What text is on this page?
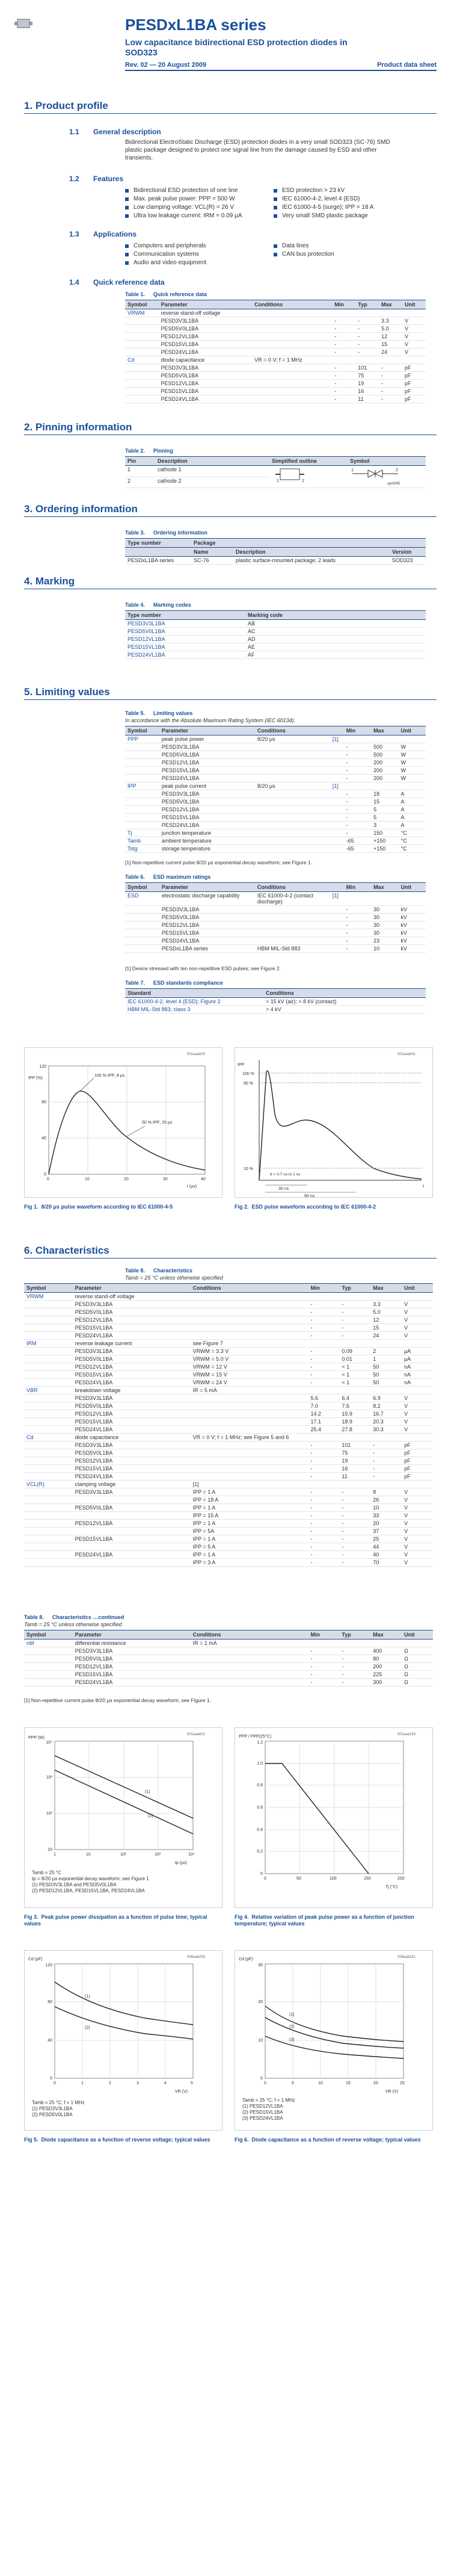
PESDxL1BA series
Low capacitance bidirectional ESD protection diodes in SOD323
Rev. 02 — 20 August 2009	Product data sheet
1. Product profile
1.1 General description
Bidirectional ElectroStatic Discharge (ESD) protection diodes in a very small SOD323 (SC-76) SMD plastic package designed to protect one signal line from the damage caused by ESD and other transients.
1.2 Features
Bidirectional ESD protection of one line
Max. peak pulse power: PPP = 500 W
Low clamping voltage: VCL(R) = 26 V
Ultra low leakage current: IRM = 0.09 μA
ESD protection > 23 kV
IEC 61000-4-2, level 4 (ESD)
IEC 61000-4-5 (surge); IPP = 18 A
Very small SMD plastic package
1.3 Applications
Computers and peripherals
Communication systems
Audio and video equipment
Data lines
CAN bus protection
1.4 Quick reference data
Table 1. Quick reference data
Symbol	Parameter	Conditions	Min	Typ	Max	Unit
VRWM	reverse stand-off voltage					
	PESD3V3L1BA		-	-	3.3	V
	PESD5V0L1BA		-	-	5.0	V
	PESD12VL1BA		-	-	12	V
	PESD15VL1BA		-	-	15	V
	PESD24VL1BA		-	-	24	V
Cd	diode capacitance	VR = 0 V; f = 1 MHz				
	PESD3V3L1BA		-	101	-	pF
	PESD5V0L1BA		-	75	-	pF
	PESD12VL1BA		-	19	-	pF
	PESD15VL1BA		-	16	-	pF
	PESD24VL1BA		-	11	-	pF
2. Pinning information
Table 2. Pinning
Pin	Description	Simplified outline	Symbol
1	cathode 1	1 2	1 2
sym045

2	cathode 2		
3. Ordering information
Table 3. Ordering information
Type number	Package		
	Name	Description	Version
PESDxL1BA series	SC-76	plastic surface-mounted package; 2 leads	SOD323
4. Marking
Table 4. Marking codes
Type number	Marking code
PESD3V3L1BA	AB
PESD5V0L1BA	AC
PESD12VL1BA	AD
PESD15VL1BA	AE
PESD24VL1BA	AF
5. Limiting values
Table 5. Limiting values
In accordance with the Absolute Maximum Rating System (IEC 60134).
Symbol	Parameter	Conditions		Min	Max	Unit
PPP	peak pulse power	8/20 μs	[1]			
	PESD3V3L1BA			-	500	W
	PESD5V0L1BA			-	500	W
	PESD12VL1BA			-	200	W
	PESD15VL1BA			-	200	W
	PESD24VL1BA			-	200	W
IPP	peak pulse current	8/20 μs	[1]			
	PESD3V3L1BA			-	18	A
	PESD5V0L1BA			-	15	A
	PESD12VL1BA			-	5	A
	PESD15VL1BA			-	5	A
	PESD24VL1BA			-	3	A
Tj	junction temperature			-	150	°C
Tamb	ambient temperature			-65	+150	°C
Tstg	storage temperature			-65	+150	°C
[1] Non-repetitive current pulse 8/20 μs exponential decay waveform; see Figure 1.
Table 6. ESD maximum ratings
Symbol	Parameter	Conditions		Min	Max	Unit
ESD	electrostatic discharge capability	IEC 61000-4-2 (contact discharge)	[1]			
	PESD3V3L1BA			-	30	kV
	PESD5V0L1BA			-	30	kV
	PESD12VL1BA			-	30	kV
	PESD15VL1BA			-	30	kV
	PESD24VL1BA			-	23	kV
	PESDxL1BA series	HBM MIL-Std 883		-	10	kV
[1] Device stressed with ten non-repetitive ESD pulses; see Figure 2.
Table 7. ESD standards compliance
Standard	Conditions
IEC 61000-4-2, level 4 (ESD); Figure 2	> 15 kV (air); > 8 kV (contact)
HBM MIL-Std 883; class 3	> 4 kV
001aaa630
100 % IPP; 8 μs
50 % IPP; 20 μs
IPP (%)
t (μs)
0	10	20	30	40
0
40
80
120
Fig 1. 8/20 μs pulse waveform according to IEC 61000-4-5
001aaa631
IPP
100 %
90 %
10 %
tr = 0.7 ns to 1 ns
30 ns
60 ns
t
Fig 2. ESD pulse waveform according to IEC 61000-4-2
6. Characteristics
Table 8. Characteristics
Tamb = 25 °C unless otherwise specified
Symbol	Parameter	Conditions	Min	Typ	Max	Unit
VRWM	reverse stand-off voltage					
	PESD3V3L1BA		-	-	3.3	V
	PESD5V0L1BA		-	-	5.0	V
	PESD12VL1BA		-	-	12	V
	PESD15VL1BA		-	-	15	V
	PESD24VL1BA		-	-	24	V
IRM	reverse leakage current	see Figure 7				
	PESD3V3L1BA	VRWM = 3.3 V	-	0.09	2	μA
	PESD5V0L1BA	VRWM = 5.0 V	-	0.01	1	μA
	PESD12VL1BA	VRWM = 12 V	-	< 1	50	nA
	PESD15VL1BA	VRWM = 15 V	-	< 1	50	nA
	PESD24VL1BA	VRWM = 24 V	-	< 1	50	nA
VBR	breakdown voltage	IR = 5 mA				
	PESD3V3L1BA		5.6	6.4	6.9	V
	PESD5V0L1BA		7.0	7.6	8.2	V
	PESD12VL1BA		14.2	15.9	16.7	V
	PESD15VL1BA		17.1	18.9	20.3	V
	PESD24VL1BA		25.4	27.8	30.3	V
Cd	diode capacitance	VR = 0 V; f = 1 MHz; see Figure 5 and 6				
	PESD3V3L1BA		-	101	-	pF
	PESD5V0L1BA		-	75	-	pF
	PESD12VL1BA		-	19	-	pF
	PESD15VL1BA		-	16	-	pF
	PESD24VL1BA		-	11	-	pF
VCL(R)	clamping voltage	[1]				
	PESD3V3L1BA	IPP = 1 A	-	-	8	V
		IPP = 18 A	-	-	26	V
	PESD5V0L1BA	IPP = 1 A	-	-	10	V
		IPP = 15 A	-	-	33	V
	PESD12VL1BA	IPP = 1 A	-	-	20	V
		IPP = 5A	-	-	37	V
	PESD15VL1BA	IPP = 1 A	-	-	25	V
		IPP = 5 A	-	-	44	V
	PESD24VL1BA	IPP = 1 A	-	-	40	V
		IPP = 3 A	-	-	70	V
Table 8. Characteristics …continued
Tamb = 25 °C unless otherwise specified
Symbol	Parameter	Conditions	Min	Typ	Max	Unit
rdif	differential resistance	IR = 1 mA				
	PESD3V3L1BA		-	-	400	Ω
	PESD5V0L1BA		-	-	80	Ω
	PESD12VL1BA		-	-	200	Ω
	PESD15VL1BA		-	-	225	Ω
	PESD24VL1BA		-	-	300	Ω
[1] Non-repetitive current pulse 8/20 μs exponential decay waveform; see Figure 1.
001aaa632
(1)
(2)
PPP (W)
tp (μs)
1	10	10²	10³	10⁴
10
10²
10³
10⁴
Tamb = 25 °C
tp = 8/20 μs exponential decay waveform; see Figure 1
(1) PESD3V3L1BA and PESD5V0L1BA
(2) PESD12VL1BA, PESD15VL1BA, PESD24VL1BA
Fig 3. Peak pulse power dissipation as a function of pulse time; typical values
001aaa193
PPP / PPP(25°C)
Tj (°C)
0	50	100	150	200
0
0.2
0.4
0.6
0.8
1.0
1.2
Fig 4. Relative variation of peak pulse power as a function of junction temperature; typical values
006aab250
(1)
(2)
Cd (pF)
VR (V)
0	1	2	3	4	5
0
40
80
120
Tamb = 25 °C; f = 1 MHz
(1) PESD3V3L1BA
(2) PESD5V0L1BA
Fig 5. Diode capacitance as a function of reverse voltage; typical values
006aab251
(1)
(2)
(3)
Cd (pF)
VR (V)
0	5	10	15	20	25
0
10
20
30
Tamb = 25 °C; f = 1 MHz
(1) PESD12VL1BA
(2) PESD15VL1BA
(3) PESD24VL1BA
Fig 6. Diode capacitance as a function of reverse voltage; typical values
